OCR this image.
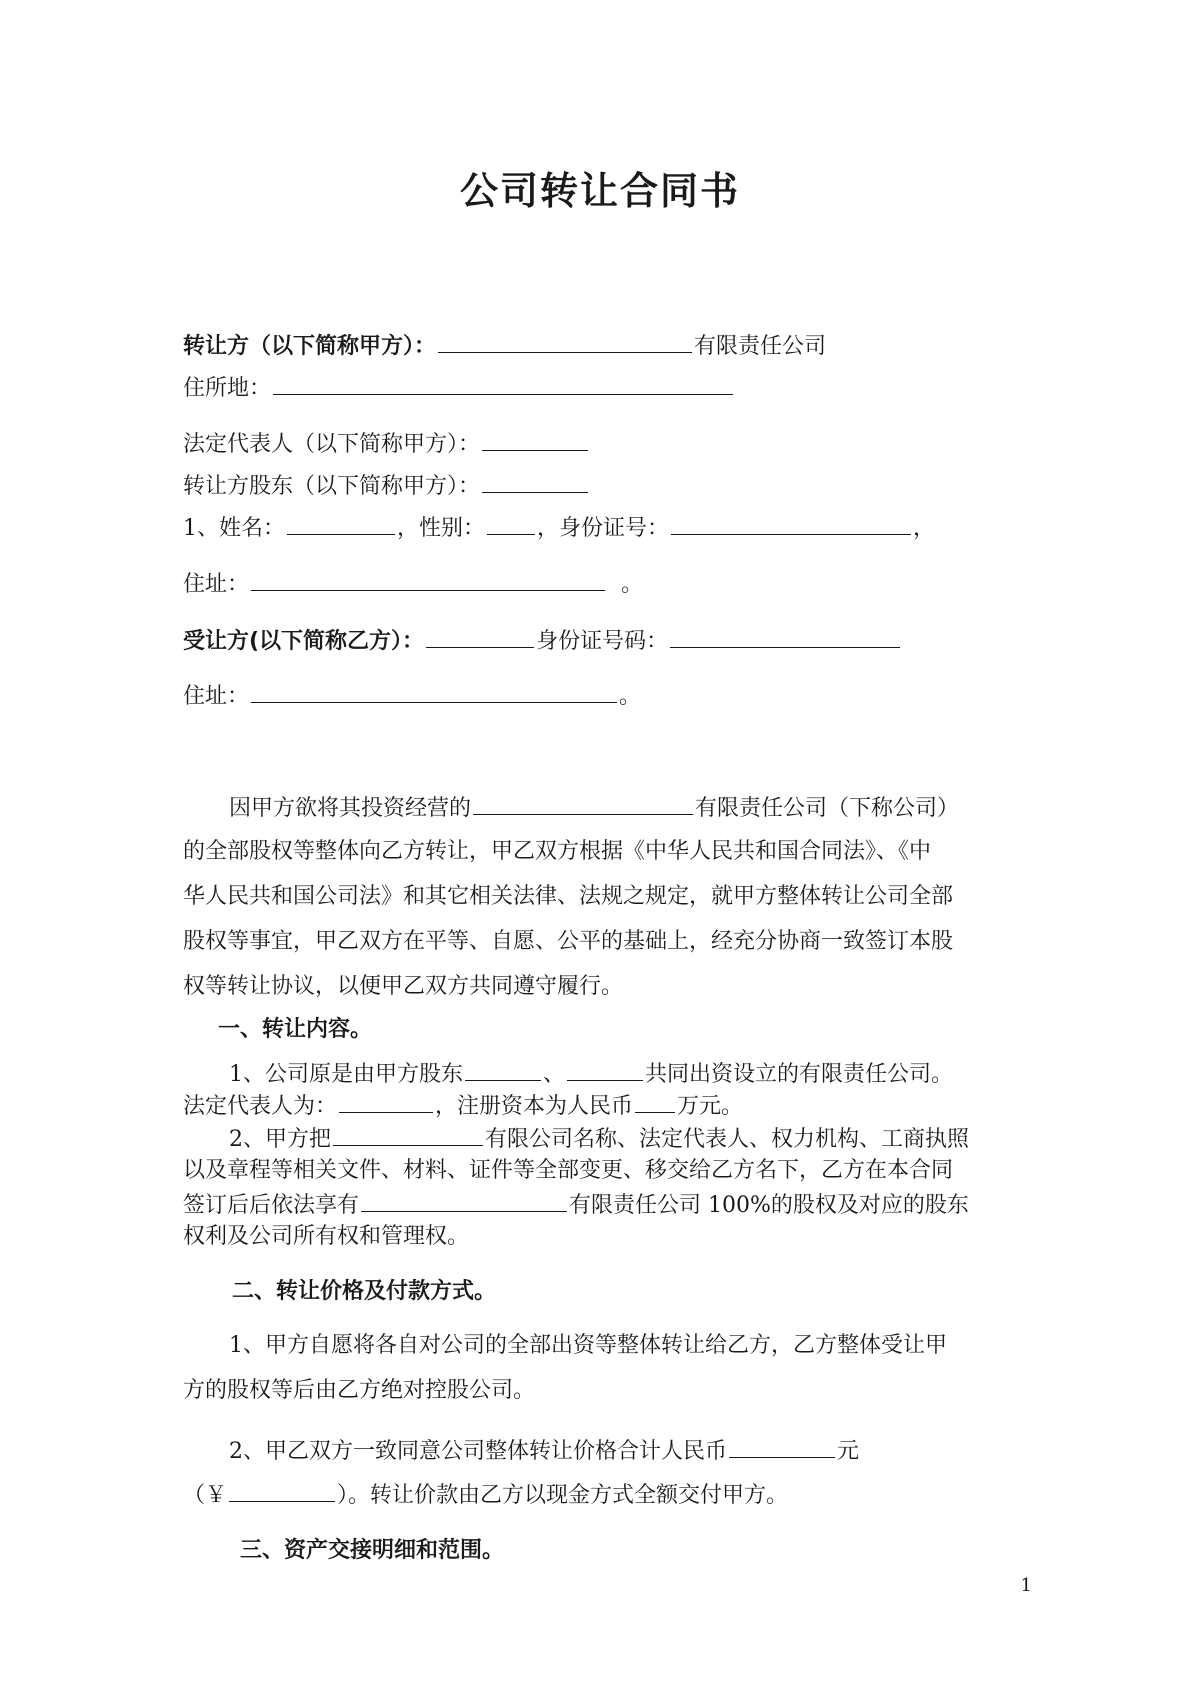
公司转让合同书
转让方（以下简称甲方）：	有限责任公司
住所地：
法定代表人（以下简称甲方）：
转让方股东（以下简称甲方）：
1、姓名：	，性别： ，身份证号：	，
住址：	。
受让方(以下简称乙方）：	身份证号码：
住址：	。
因甲方欲将其投资经营的	有限责任公司（下称公司）
的全部股权等整体向乙方转让，甲乙双方根据《中华人民共和国合同法》、《中
华人民共和国公司法》和其它相关法律、法规之规定，就甲方整体转让公司全部
股权等事宜，甲乙双方在平等、自愿、公平的基础上，经充分协商一致签订本股
权等转让协议，以便甲乙双方共同遵守履行。
一、转让内容。
1、公司原是由甲方股东	、	共同出资设立的有限责任公司。
法定代表人为：	，注册资本为人民币 万元。
2、甲方把	有限公司名称、法定代表人、权力机构、工商执照
以及章程等相关文件、材料、证件等全部变更、移交给乙方名下，乙方在本合同
签订后后依法享有	有限责任公司 100%的股权及对应的股东
权利及公司所有权和管理权。
二、转让价格及付款方式。
1、甲方自愿将各自对公司的全部出资等整体转让给乙方，乙方整体受让甲
方的股权等后由乙方绝对控股公司。
2、甲乙双方一致同意公司整体转让价格合计人民币	元
（￥	）。转让价款由乙方以现金方式全额交付甲方。
三、资产交接明细和范围。
1
